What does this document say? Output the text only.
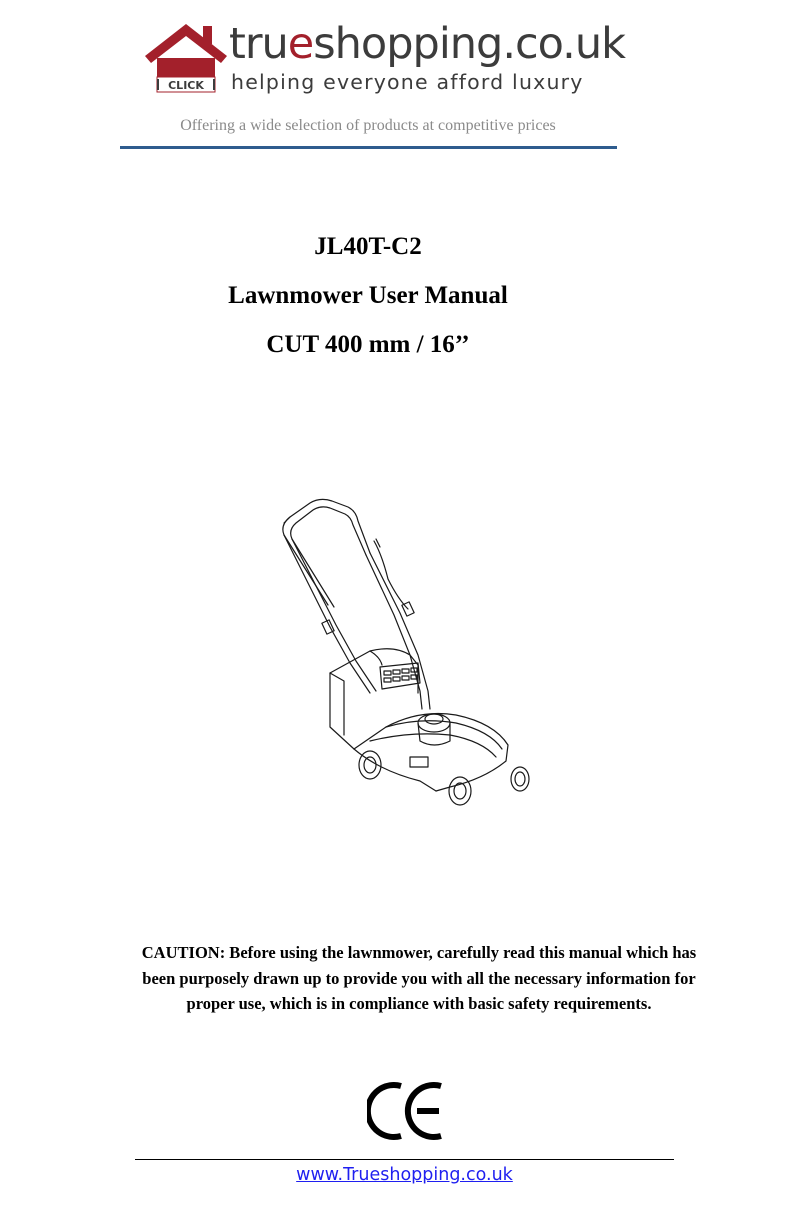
CLICK
trueshopping.co.uk
helping everyone afford luxury
Offering a wide selection of products at competitive prices
JL40T-C2
Lawnmower User Manual
CUT 400 mm / 16’’
CAUTION: Before using the lawnmower, carefully read this manual which has been purposely drawn up to provide you with all the necessary information for proper use, which is in compliance with basic safety requirements.
www.Trueshopping.co.uk
